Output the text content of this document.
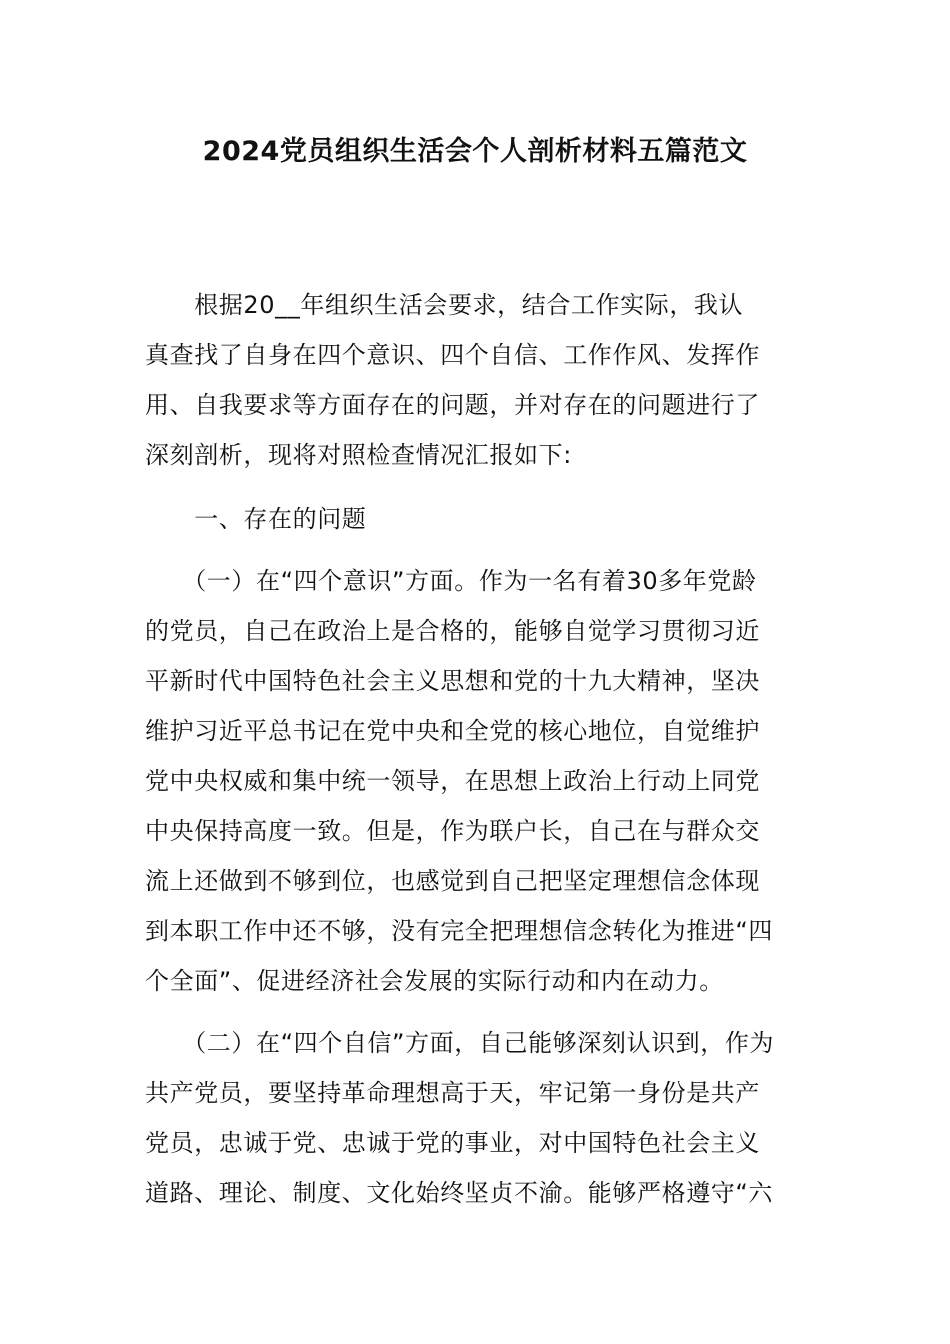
2024党员组织生活会个人剖析材料五篇范文
　　根据20__年组织生活会要求，结合工作实际，我认
真查找了自身在四个意识、四个自信、工作作风、发挥作
用、自我要求等方面存在的问题，并对存在的问题进行了
深刻剖析，现将对照检查情况汇报如下:
　　一、存在的问题
　　（一）在“四个意识”方面。作为一名有着30多年党龄
的党员，自己在政治上是合格的，能够自觉学习贯彻习近
平新时代中国特色社会主义思想和党的十九大精神，坚决
维护习近平总书记在党中央和全党的核心地位，自觉维护
党中央权威和集中统一领导，在思想上政治上行动上同党
中央保持高度一致。但是，作为联户长，自己在与群众交
流上还做到不够到位，也感觉到自己把坚定理想信念体现
到本职工作中还不够，没有完全把理想信念转化为推进“四
个全面”、促进经济社会发展的实际行动和内在动力。
　　（二）在“四个自信”方面，自己能够深刻认识到，作为
共产党员，要坚持革命理想高于天，牢记第一身份是共产
党员，忠诚于党、忠诚于党的事业，对中国特色社会主义
道路、理论、制度、文化始终坚贞不渝。能够严格遵守“六
